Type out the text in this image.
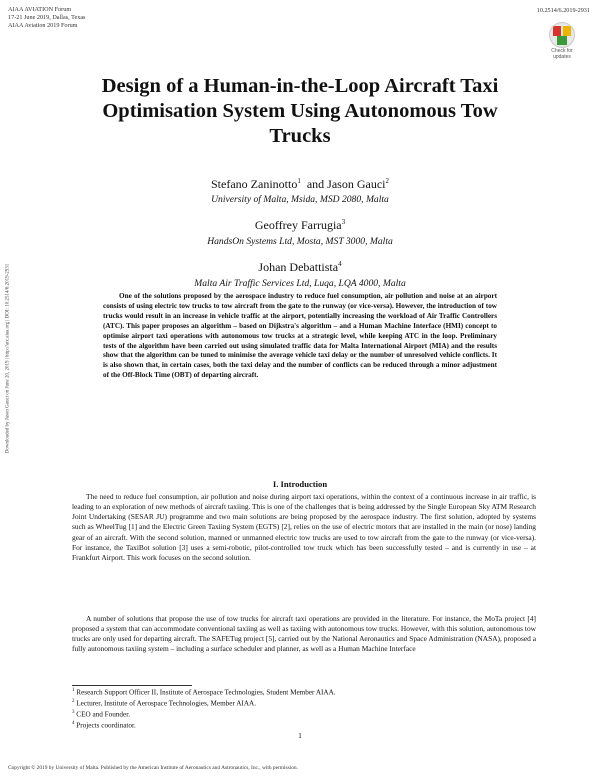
AIAA AVIATION Forum
17-21 June 2019, Dallas, Texas
AIAA Aviation 2019 Forum
10.2514/6.2019-2931
Check for
updates
Downloaded by Jason Gauci on June 20, 2019 | http://arc.aiaa.org | DOI: 10.2514/6.2019-2931
Design of a Human-in-the-Loop Aircraft Taxi
Optimisation System Using Autonomous Tow
Trucks
Stefano Zaninotto$^1$ and Jason Gauci$^2$
University of Malta, Msida, MSD 2080, Malta
Geoffrey Farrugia$^3$
HandsOn Systems Ltd, Mosta, MST 3000, Malta
Johan Debattista$^4$
Malta Air Traffic Services Ltd, Luqa, LQA 4000, Malta
One of the solutions proposed by the aerospace industry to reduce fuel consumption, air pollution and noise at an airport consists of using electric tow trucks to tow aircraft from the gate to the runway (or vice-versa). However, the introduction of tow trucks would result in an increase in vehicle traffic at the airport, potentially increasing the workload of Air Traffic Controllers (ATC). This paper proposes an algorithm – based on Dijkstra's algorithm – and a Human Machine Interface (HMI) concept to optimise airport taxi operations with autonomous tow trucks at a strategic level, while keeping ATC in the loop. Preliminary tests of the algorithm have been carried out using simulated traffic data for Malta International Airport (MIA) and the results show that the algorithm can be tuned to minimise the average vehicle taxi delay or the number of unresolved vehicle conflicts. It is also shown that, in certain cases, both the taxi delay and the number of conflicts can be reduced through a minor adjustment of the Off-Block Time (OBT) of departing aircraft.
I. Introduction
The need to reduce fuel consumption, air pollution and noise during airport taxi operations, within the context of a continuous increase in air traffic, is leading to an exploration of new methods of aircraft taxiing. This is one of the challenges that is being addressed by the Single European Sky ATM Research Joint Undertaking (SESAR JU) programme and two main solutions are being proposed by the aerospace industry. The first solution, adopted by systems such as WheelTug [1] and the Electric Green Taxiing System (EGTS) [2], relies on the use of electric motors that are installed in the main (or nose) landing gear of an aircraft. With the second solution, manned or unmanned electric tow trucks are used to tow aircraft from the gate to the runway (or vice-versa). For instance, the TaxiBot solution [3] uses a semi-robotic, pilot-controlled tow truck which has been successfully tested – and is currently in use – at Frankfurt Airport. This work focuses on the second solution.
A number of solutions that propose the use of tow trucks for aircraft taxi operations are provided in the literature. For instance, the MoTa project [4] proposed a system that can accommodate conventional taxiing as well as taxiing with autonomous tow trucks. However, with this solution, autonomous tow trucks are only used for departing aircraft. The SAFETug project [5], carried out by the National Aeronautics and Space Administration (NASA), proposed a fully autonomous taxiing system – including a surface scheduler and planner, as well as a Human Machine Interface
$^1$ Research Support Officer II, Institute of Aerospace Technologies, Student Member AIAA.
$^2$ Lecturer, Institute of Aerospace Technologies, Member AIAA.
$^3$ CEO and Founder.
$^4$ Projects coordinator.
1
Copyright © 2019 by University of Malta. Published by the American Institute of Aeronautics and Astronautics, Inc., with permission.
